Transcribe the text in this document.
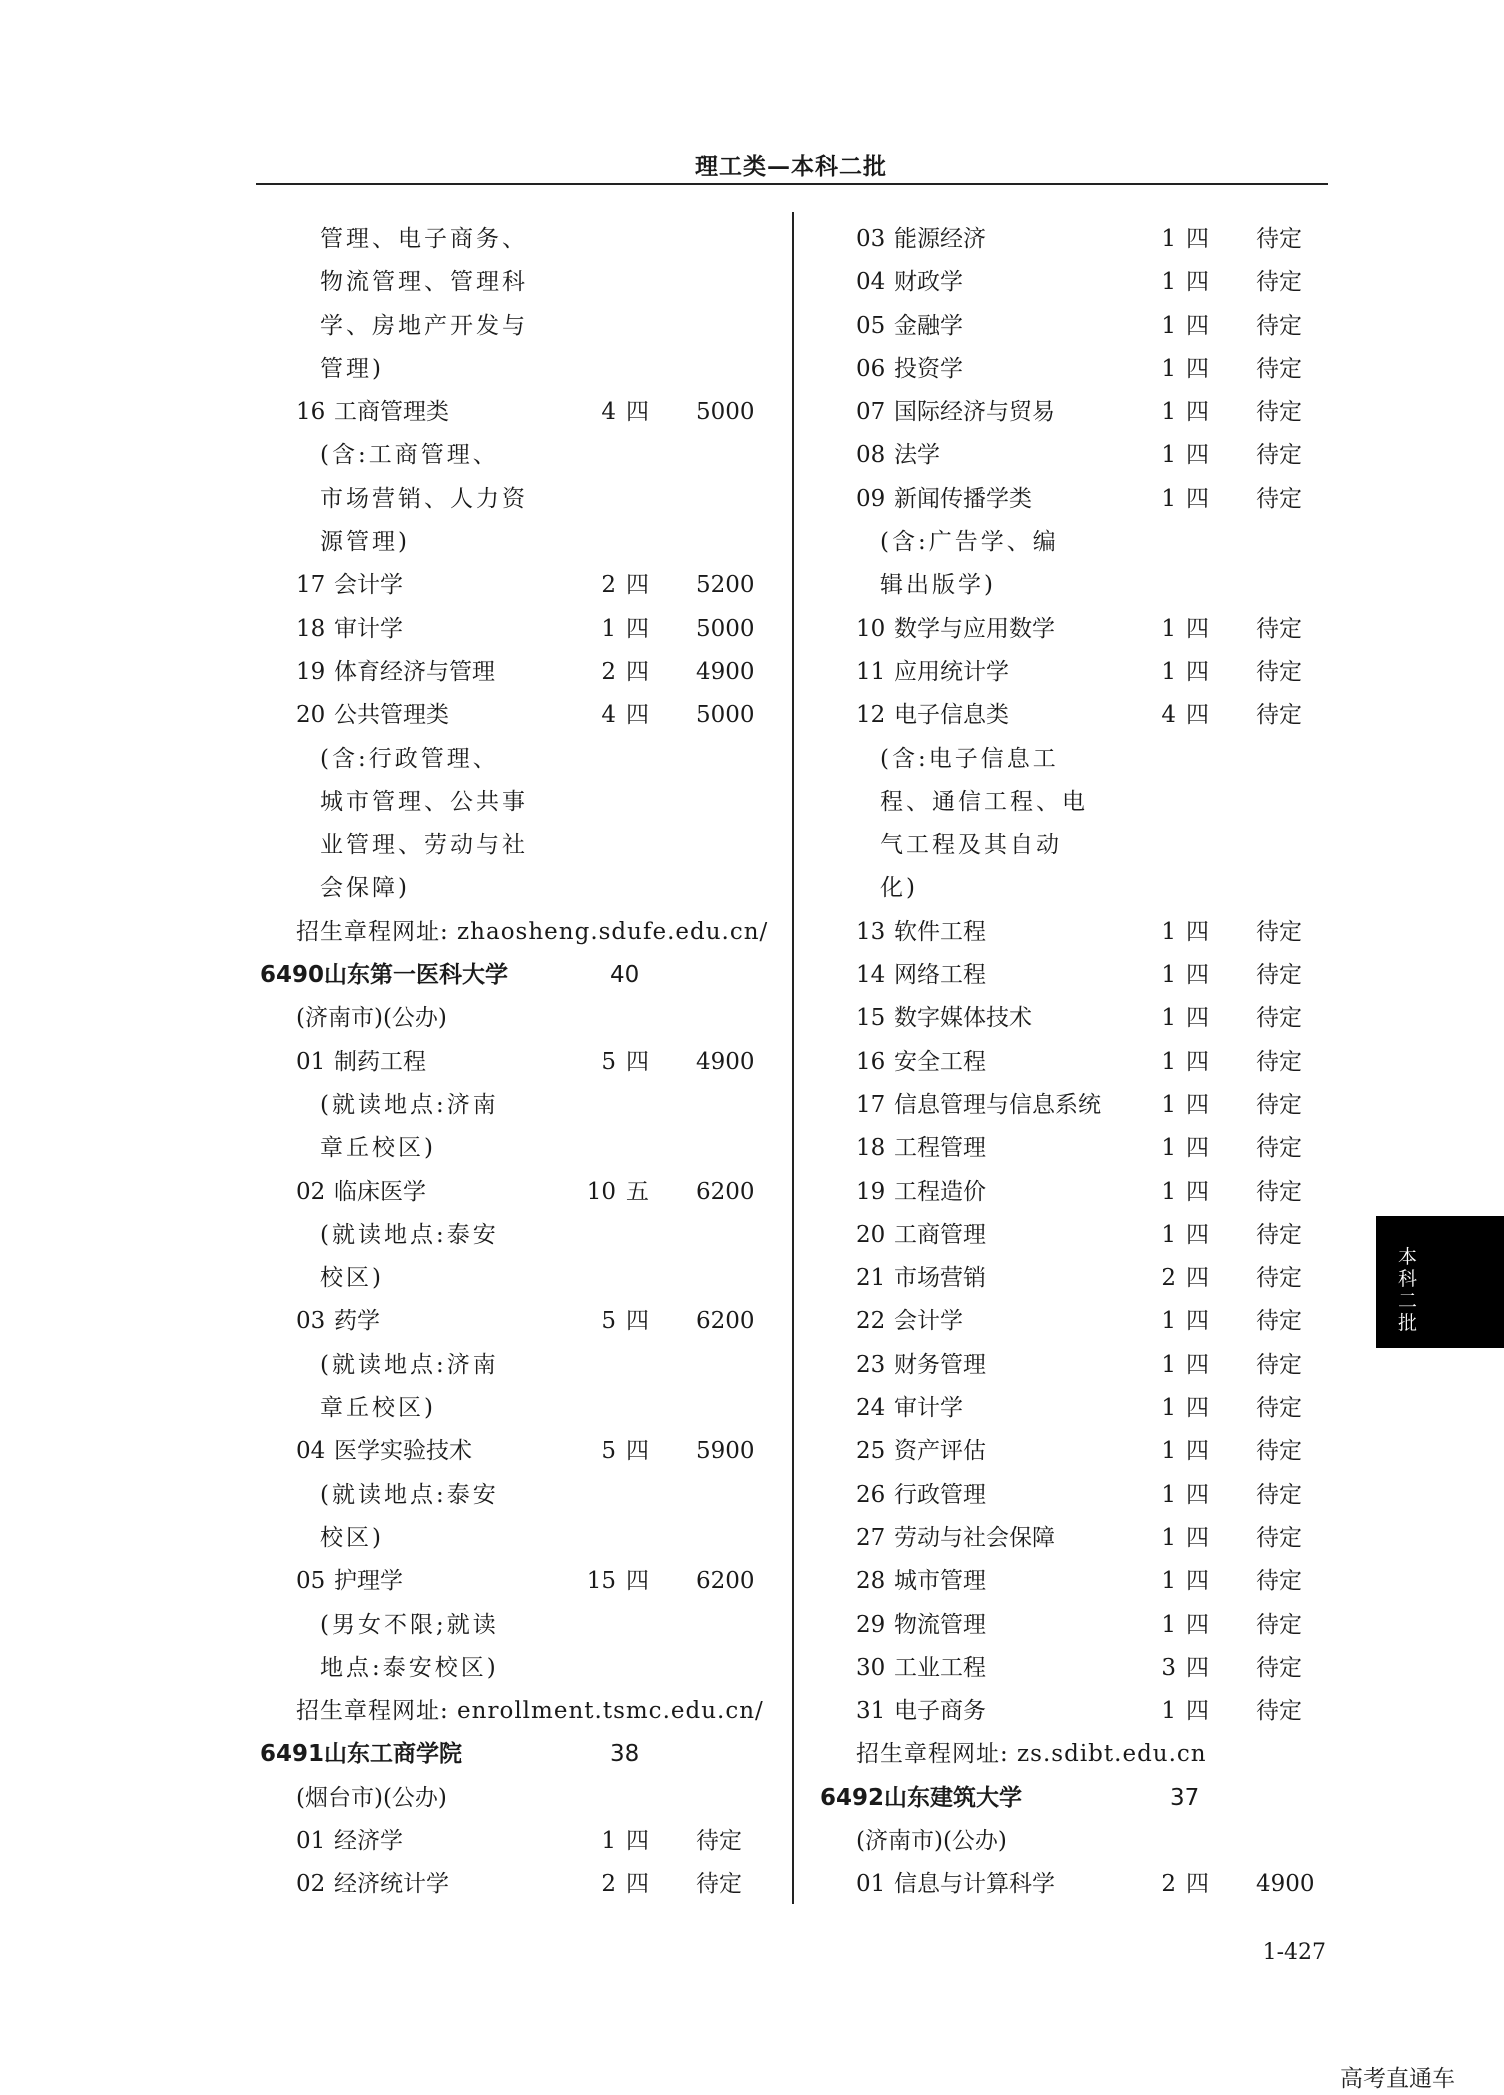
理工类—本科二批
管理、电子商务、
物流管理、管理科
学、房地产开发与
管理)
16 工商管理类	4 四 5000
(含:工商管理、
市场营销、人力资
源管理)
17 会计学	2 四 5200
18 审计学	1 四 5000
19 体育经济与管理	2 四 4900
20 公共管理类	4 四 5000
(含:行政管理、
城市管理、公共事
业管理、劳动与社
会保障)
招生章程网址: zhaosheng.sdufe.edu.cn/
6490 山东第一医科大学	40
(济南市)(公办)
01 制药工程	5 四 4900
(就读地点:济南
章丘校区)
02 临床医学	10 五 6200
(就读地点:泰安
校区)
03 药学	5 四 6200
(就读地点:济南
章丘校区)
04 医学实验技术	5 四 5900
(就读地点:泰安
校区)
05 护理学	15 四 6200
(男女不限;就读
地点:泰安校区)
招生章程网址: enrollment.tsmc.edu.cn/
6491 山东工商学院	38
(烟台市)(公办)
01 经济学	1 四 待定
02 经济统计学	2 四 待定
03 能源经济	1 四 待定
04 财政学	1 四 待定
05 金融学	1 四 待定
06 投资学	1 四 待定
07 国际经济与贸易	1 四 待定
08 法学	1 四 待定
09 新闻传播学类	1 四 待定
(含:广告学、编
辑出版学)
10 数学与应用数学	1 四 待定
11 应用统计学	1 四 待定
12 电子信息类	4 四 待定
(含:电子信息工
程、通信工程、电
气工程及其自动
化)
13 软件工程	1 四 待定
14 网络工程	1 四 待定
15 数字媒体技术	1 四 待定
16 安全工程	1 四 待定
17 信息管理与信息系统	1 四 待定
18 工程管理	1 四 待定
19 工程造价	1 四 待定
20 工商管理	1 四 待定
21 市场营销	2 四 待定
22 会计学	1 四 待定
23 财务管理	1 四 待定
24 审计学	1 四 待定
25 资产评估	1 四 待定
26 行政管理	1 四 待定
27 劳动与社会保障	1 四 待定
28 城市管理	1 四 待定
29 物流管理	1 四 待定
30 工业工程	3 四 待定
31 电子商务	1 四 待定
招生章程网址: zs.sdibt.edu.cn
6492 山东建筑大学	37
(济南市)(公办)
01 信息与计算科学	2 四 4900
本科二批
1-427
高考直通车
